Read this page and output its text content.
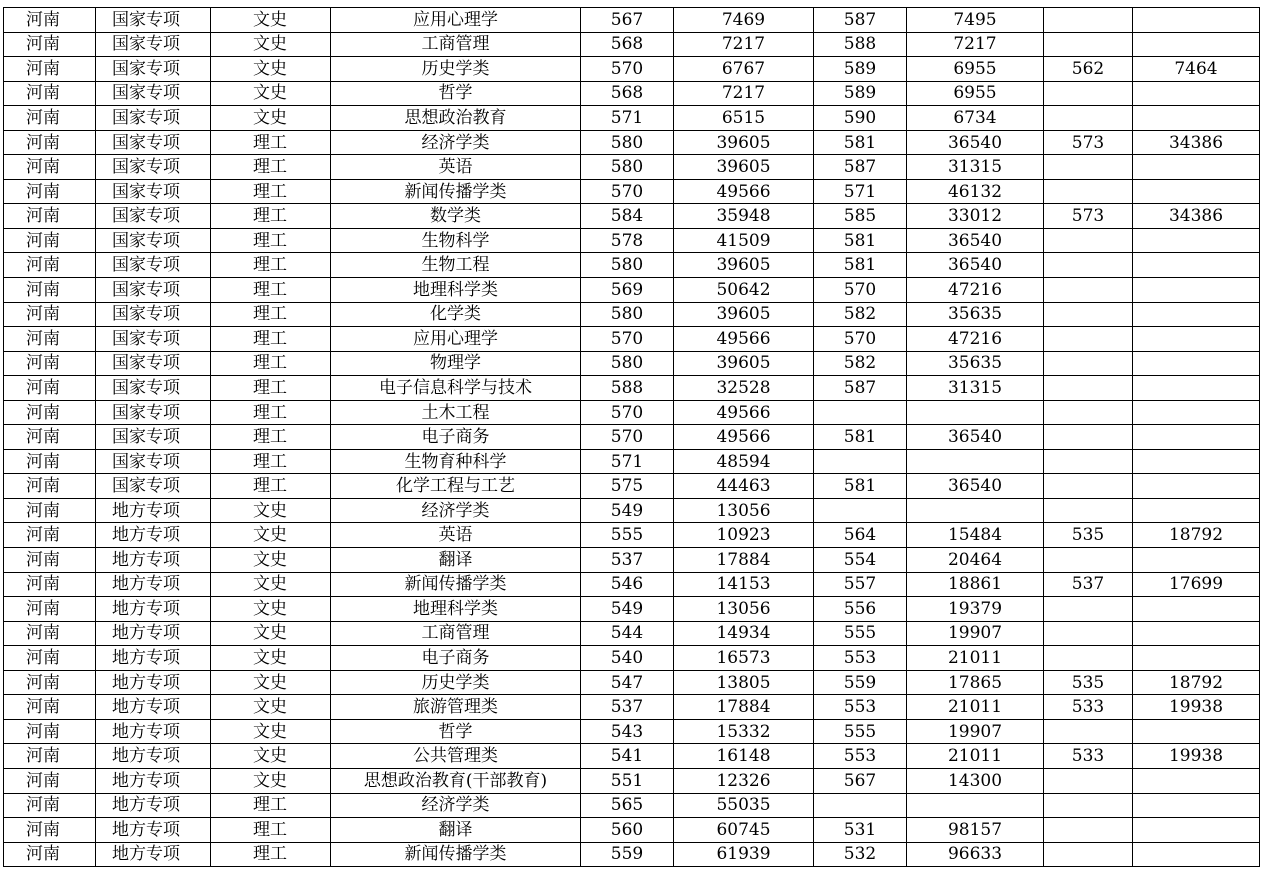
河南	国家专项	文史	应用心理学	567	7469	587	7495		
河南	国家专项	文史	工商管理	568	7217	588	7217		
河南	国家专项	文史	历史学类	570	6767	589	6955	562	7464
河南	国家专项	文史	哲学	568	7217	589	6955		
河南	国家专项	文史	思想政治教育	571	6515	590	6734		
河南	国家专项	理工	经济学类	580	39605	581	36540	573	34386
河南	国家专项	理工	英语	580	39605	587	31315		
河南	国家专项	理工	新闻传播学类	570	49566	571	46132		
河南	国家专项	理工	数学类	584	35948	585	33012	573	34386
河南	国家专项	理工	生物科学	578	41509	581	36540		
河南	国家专项	理工	生物工程	580	39605	581	36540		
河南	国家专项	理工	地理科学类	569	50642	570	47216		
河南	国家专项	理工	化学类	580	39605	582	35635		
河南	国家专项	理工	应用心理学	570	49566	570	47216		
河南	国家专项	理工	物理学	580	39605	582	35635		
河南	国家专项	理工	电子信息科学与技术	588	32528	587	31315		
河南	国家专项	理工	土木工程	570	49566				
河南	国家专项	理工	电子商务	570	49566	581	36540		
河南	国家专项	理工	生物育种科学	571	48594				
河南	国家专项	理工	化学工程与工艺	575	44463	581	36540		
河南	地方专项	文史	经济学类	549	13056				
河南	地方专项	文史	英语	555	10923	564	15484	535	18792
河南	地方专项	文史	翻译	537	17884	554	20464		
河南	地方专项	文史	新闻传播学类	546	14153	557	18861	537	17699
河南	地方专项	文史	地理科学类	549	13056	556	19379		
河南	地方专项	文史	工商管理	544	14934	555	19907		
河南	地方专项	文史	电子商务	540	16573	553	21011		
河南	地方专项	文史	历史学类	547	13805	559	17865	535	18792
河南	地方专项	文史	旅游管理类	537	17884	553	21011	533	19938
河南	地方专项	文史	哲学	543	15332	555	19907		
河南	地方专项	文史	公共管理类	541	16148	553	21011	533	19938
河南	地方专项	文史	思想政治教育(干部教育)	551	12326	567	14300		
河南	地方专项	理工	经济学类	565	55035				
河南	地方专项	理工	翻译	560	60745	531	98157		
河南	地方专项	理工	新闻传播学类	559	61939	532	96633		
